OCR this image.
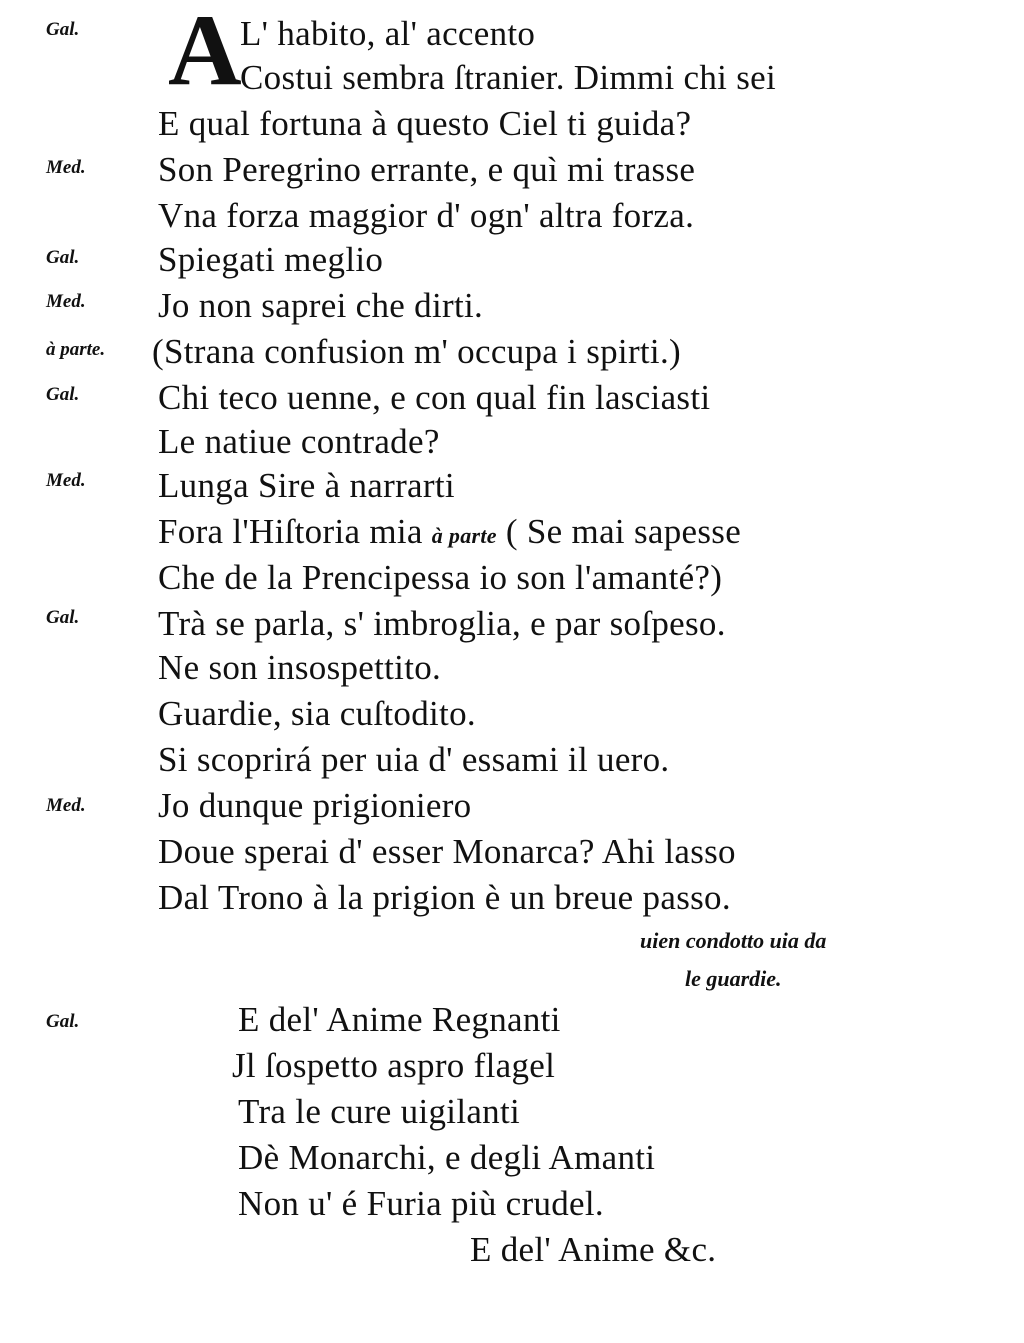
Gal.
Med.
Gal.
Med.
à parte.
Gal.
Med.
Gal.
Med.
Gal.
A
L' habito, al' accento
Costui sembra ſtranier. Dimmi chi sei
E qual fortuna à questo Ciel ti guida?
Son Peregrino errante, e quì mi trasse
Vna forza maggior d' ogn' altra forza.
Spiegati meglio
Jo non saprei che dirti.
(Strana confusion m' occupa i spirti.)
Chi teco uenne, e con qual fin lasciasti
Le natiue contrade?
Lunga Sire à narrarti
Fora l'Hiſtoria mia à parte ( Se mai sapesse
Che de la Prencipessa io son l'amanté?)
Trà se parla, s' imbroglia, e par soſpeso.
Ne son insospettito.
Guardie, sia cuſtodito.
Si scoprirá per uia d' essami il uero.
Jo dunque prigioniero
Doue sperai d' esser Monarca? Ahi lasso
Dal Trono à la prigion è un breue passo.
uien condotto uia da
le guardie.
E del' Anime Regnanti
Jl ſospetto aspro flagel
Tra le cure uigilanti
Dè Monarchi, e degli Amanti
Non u' é Furia più crudel.
E del' Anime &c.
